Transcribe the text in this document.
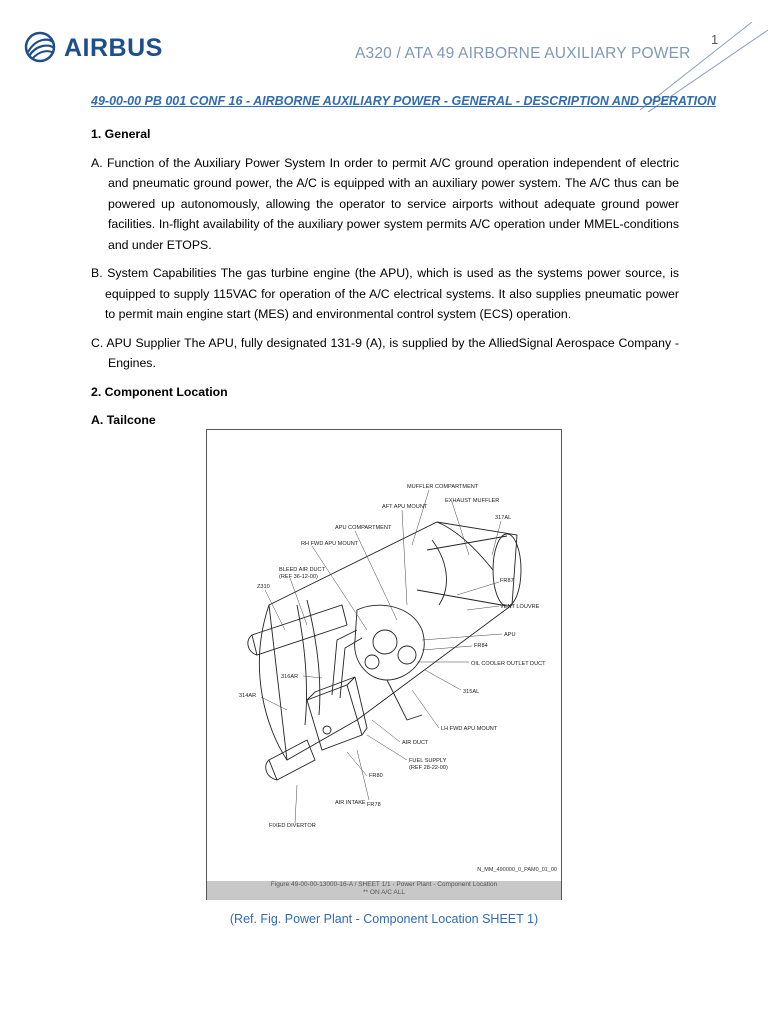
1
AIRBUS	A320 / ATA 49 AIRBORNE AUXILIARY POWER
49-00-00 PB 001 CONF 16 - AIRBORNE AUXILIARY POWER - GENERAL - DESCRIPTION AND OPERATION
1. General

A. Function of the Auxiliary Power System In order to permit A/C ground operation independent of electric and pneumatic ground power, the A/C is equipped with an auxiliary power system. The A/C thus can be powered up autonomously, allowing the operator to service airports without adequate ground power facilities. In-flight availability of the auxiliary power system permits A/C operation under MMEL-conditions and under ETOPS.

B. System Capabilities The gas turbine engine (the APU), which is used as the systems power source, is equipped to supply 115VAC for operation of the A/C electrical systems. It also supplies pneumatic power to permit main engine start (MES) and environmental control system (ECS) operation.

C. APU Supplier The APU, fully designated 131-9 (A), is supplied by the AlliedSignal Aerospace Company - Engines.

2. Component Location
A. Tailcone
MUFFLER COMPARTMENT
EXHAUST MUFFLER
AFT APU MOUNT
317AL
APU COMPARTMENT
RH FWD APU MOUNT
BLEED AIR DUCT
(REF 36-12-00)
Z310
FR87
VENT LOUVRE
APU
FR84
OIL COOLER OUTLET DUCT
316AR
315AL
314AR
LH FWD APU MOUNT
AIR DUCT
FR80
FUEL SUPPLY
(REF 28-22-00)
FR78
AIR INTAKE
FIXED DIVERTOR
N_MM_490000_0_PAM0_01_00
Figure 49-00-00-13000-16-A / SHEET 1/1 - Power Plant - Component Location
** ON A/C ALL
(Ref. Fig. Power Plant - Component Location SHEET 1)
